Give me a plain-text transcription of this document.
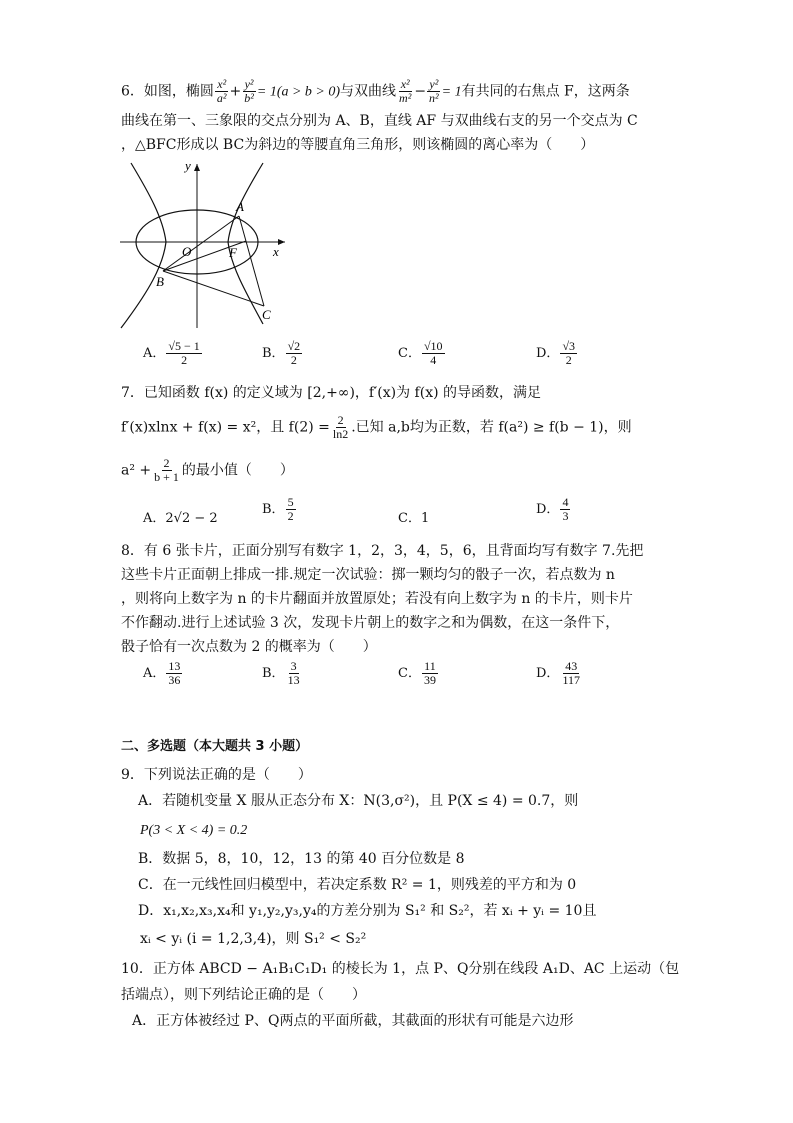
6．如图，椭圆 $\frac{\text{x²}}{\text{a²}} + \frac{\text{y²}}{\text{b²}} = 1(a > b > 0)$与双曲线 $\frac{\text{x²}}{\text{m²}} - \frac{\text{y²}}{\text{n²}} = 1$有共同的右焦点 F，这两条
曲线在第一、三象限的交点分别为 A、B，直线 AF 与双曲线右支的另一个交点为 C
，△BFC形成以 BC为斜边的等腰直角三角形，则该椭圆的离心率为（　　）
y
x
A
O	F
B
C
A． $\frac{√5 - 1}{2}$	B． $\frac{√2}{2}$	C． $\frac{√10}{4}$	D． $\frac{√3}{2}$
7．已知函数 f(x) 的定义域为 [2,+∞)，f′(x)为 f(x) 的导函数，满足
f′(x)xlnx + f(x) = x²，且 $f(2) = \frac{2}{\ln 2}$ .已知 a,b均为正数，若 f(a²) ≥ f(b − 1)，则
$a^2 + \frac{2}{b + 1}$ 的最小值（　　）
A．2√2 − 2
B． $\frac{5}{2}$	C．1
D． $\frac{4}{3}$
8．有 6 张卡片，正面分别写有数字 1，2，3，4，5，6，且背面均写有数字 7.先把
这些卡片正面朝上排成一排.规定一次试验：掷一颗均匀的骰子一次，若点数为 n
，则将向上数字为 n 的卡片翻面并放置原处；若没有向上数字为 n 的卡片，则卡片
不作翻动.进行上述试验 3 次，发现卡片朝上的数字之和为偶数，在这一条件下，
骰子恰有一次点数为 2 的概率为（　　）
A． $\frac{13}{36}$	B． $\frac{3}{13}$	C． $\frac{11}{39}$	D． $\frac{43}{117}$
二、多选题（本大题共 3 小题）
9．下列说法正确的是（　　）
A．若随机变量 X 服从正态分布 X：N(3,σ²)，且 P(X ≤ 4) = 0.7，则
P(3 < X < 4) = 0.2
B．数据 5，8，10，12，13 的第 40 百分位数是 8
C．在一元线性回归模型中，若决定系数 R² = 1，则残差的平方和为 0
D．x₁,x₂,x₃,x₄和 y₁,y₂,y₃,y₄的方差分别为 S₁² 和 S₂²，若 xᵢ + yᵢ = 10且
xᵢ < yᵢ (i = 1,2,3,4)，则 S₁² < S₂²
10．正方体 ABCD − A₁B₁C₁D₁ 的棱长为 1，点 P、Q分别在线段 A₁D、AC 上运动（包
括端点），则下列结论正确的是（　　）
A．正方体被经过 P、Q两点的平面所截，其截面的形状有可能是六边形
